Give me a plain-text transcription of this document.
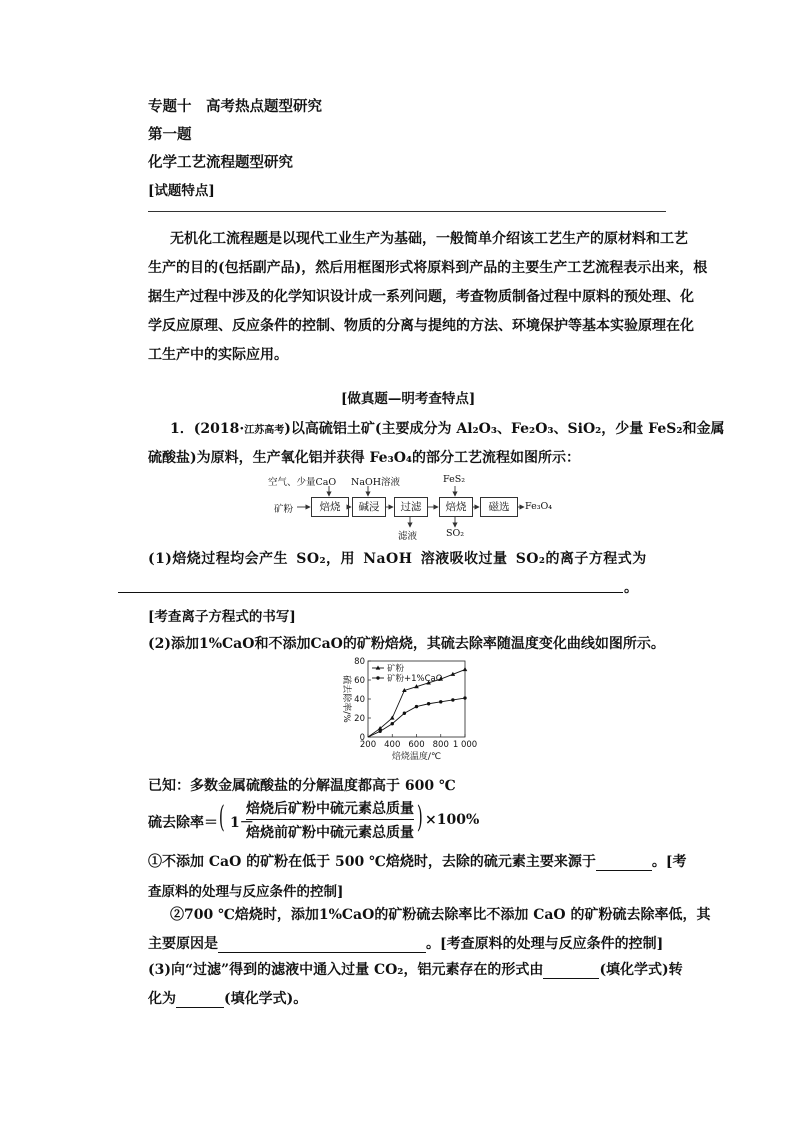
专题十　高考热点题型研究
第一题
化学工艺流程题型研究
[试题特点]
无机化工流程题是以现代工业生产为基础，一般简单介绍该工艺生产的原材料和工艺
生产的目的(包括副产品)，然后用框图形式将原料到产品的主要生产工艺流程表示出来，根
据生产过程中涉及的化学知识设计成一系列问题，考查物质制备过程中原料的预处理、化
学反应原理、反应条件的控制、物质的分离与提纯的方法、环境保护等基本实验原理在化
工生产中的实际应用。
[做真题—明考查特点]
1．(2018·江苏高考)以高硫铝土矿(主要成分为 Al₂O₃、Fe₂O₃、SiO₂，少量 FeS₂和金属
硫酸盐)为原料，生产氧化铝并获得 Fe₃O₄的部分工艺流程如图所示：
空气、少量CaO NaOH溶液	FeS₂
矿粉	焙烧	碱浸	过滤	焙烧	磁选	Fe₃O₄
滤液	SO₂
(1)焙烧过程均会产生 SO₂，用 NaOH 溶液吸收过量 SO₂的离子方程式为
。
[考查离子方程式的书写]
(2)添加1%CaO和不添加CaO的矿粉焙烧，其硫去除率随温度变化曲线如图所示。
0
20
40
60
80
200 400 600 800 1 000
焙烧温度/℃
硫去除率/%
矿粉
矿粉+1%CaO
已知：多数金属硫酸盐的分解温度都高于 600 ℃
硫去除率＝ ( 1－
焙烧后矿粉中硫元素总质量
焙烧前矿粉中硫元素总质量 ) ×100%
①不添加 CaO 的矿粉在低于 500 ℃焙烧时，去除的硫元素主要来源于	。[考
查原料的处理与反应条件的控制]
②700 ℃焙烧时，添加1%CaO的矿粉硫去除率比不添加 CaO 的矿粉硫去除率低，其
主要原因是	。[考查原料的处理与反应条件的控制]
(3)向“过滤”得到的滤液中通入过量 CO₂，铝元素存在的形式由	(填化学式)转
化为	(填化学式)。
